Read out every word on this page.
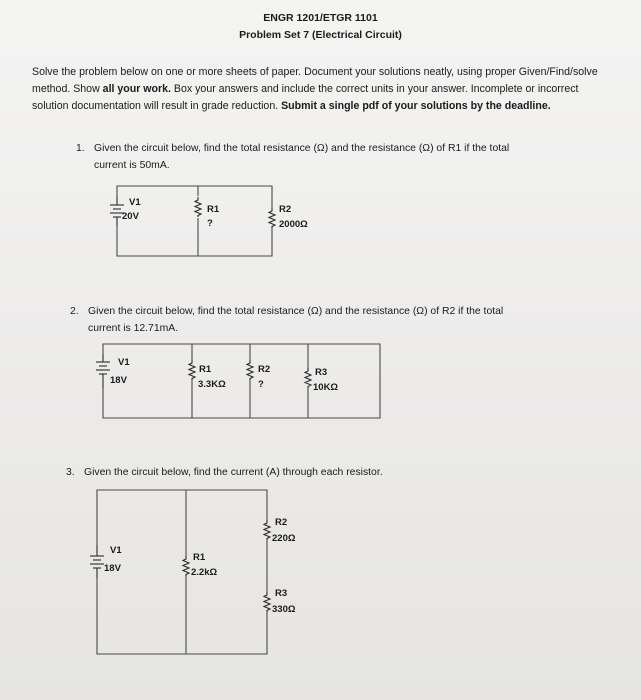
ENGR 1201/ETGR 1101
Problem Set 7 (Electrical Circuit)
Solve the problem below on one or more sheets of paper. Document your solutions neatly, using proper Given/Find/solve method. Show all your work. Box your answers and include the correct units in your answer. Incomplete or incorrect solution documentation will result in grade reduction. Submit a single pdf of your solutions by the deadline.
1. Given the circuit below, find the total resistance (Ω) and the resistance (Ω) of R1 if the total
current is 50mA.
2. Given the circuit below, find the total resistance (Ω) and the resistance (Ω) of R2 if the total
current is 12.71mA.
3. Given the circuit below, find the current (A) through each resistor.
V1
20V
R1
?
R2
2000Ω
V1
18V
R1
3.3KΩ
R2
?
R3
10KΩ
V1
18V
R1
2.2kΩ
R2
220Ω
R3
330Ω
